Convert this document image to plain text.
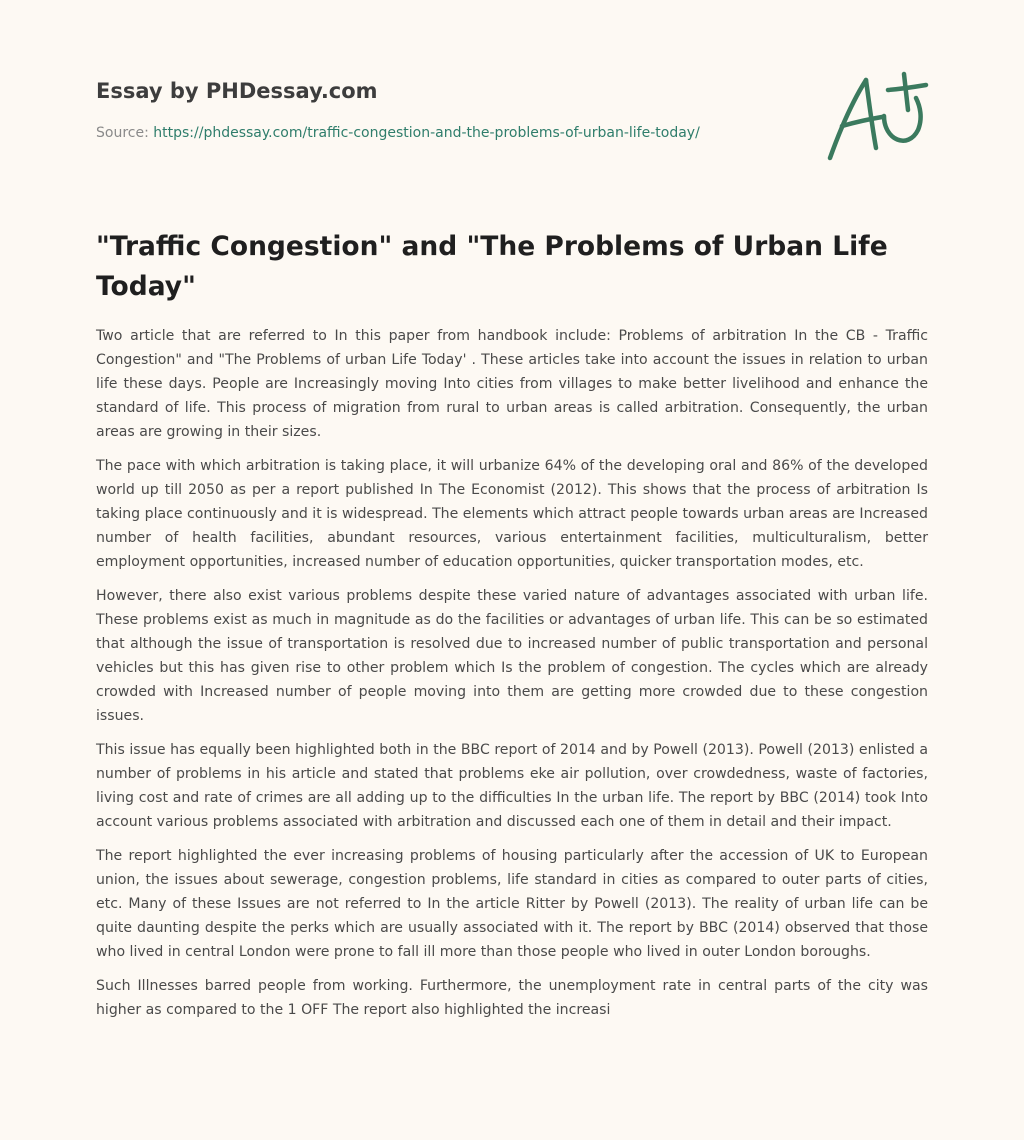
Essay by PHDessay.com
Source: https://phdessay.com/traffic-congestion-and-the-problems-of-urban-life-today/
"Traffic Congestion" and "The Problems of Urban Life Today"

Two article that are referred to In this paper from handbook include: Problems of arbitration In the CB - Traffic Congestion" and "The Problems of urban Life Today' . These articles take into account the issues in relation to urban life these days. People are Increasingly moving Into cities from villages to make better livelihood and enhance the standard of life. This process of migration from rural to urban areas is called arbitration. Consequently, the urban areas are growing in their sizes.

The pace with which arbitration is taking place, it will urbanize 64% of the developing oral and 86% of the developed world up till 2050 as per a report published In The Economist (2012). This shows that the process of arbitration Is taking place continuously and it is widespread. The elements which attract people towards urban areas are Increased number of health facilities, abundant resources, various entertainment facilities, multiculturalism, better employment opportunities, increased number of education opportunities, quicker transportation modes, etc.

However, there also exist various problems despite these varied nature of advantages associated with urban life. These problems exist as much in magnitude as do the facilities or advantages of urban life. This can be so estimated that although the issue of transportation is resolved due to increased number of public transportation and personal vehicles but this has given rise to other problem which Is the problem of congestion. The cycles which are already crowded with Increased number of people moving into them are getting more crowded due to these congestion issues.

This issue has equally been highlighted both in the BBC report of 2014 and by Powell (2013). Powell (2013) enlisted a number of problems in his article and stated that problems eke air pollution, over crowdedness, waste of factories, living cost and rate of crimes are all adding up to the difficulties In the urban life. The report by BBC (2014) took Into account various problems associated with arbitration and discussed each one of them in detail and their impact.

The report highlighted the ever increasing problems of housing particularly after the accession of UK to European union, the issues about sewerage, congestion problems, life standard in cities as compared to outer parts of cities, etc. Many of these Issues are not referred to In the article Ritter by Powell (2013). The reality of urban life can be quite daunting despite the perks which are usually associated with it. The report by BBC (2014) observed that those who lived in central London were prone to fall ill more than those people who lived in outer London boroughs.

Such Illnesses barred people from working. Furthermore, the unemployment rate in central parts of the city was higher as compared to the 1 OFF The report also highlighted the increasi
